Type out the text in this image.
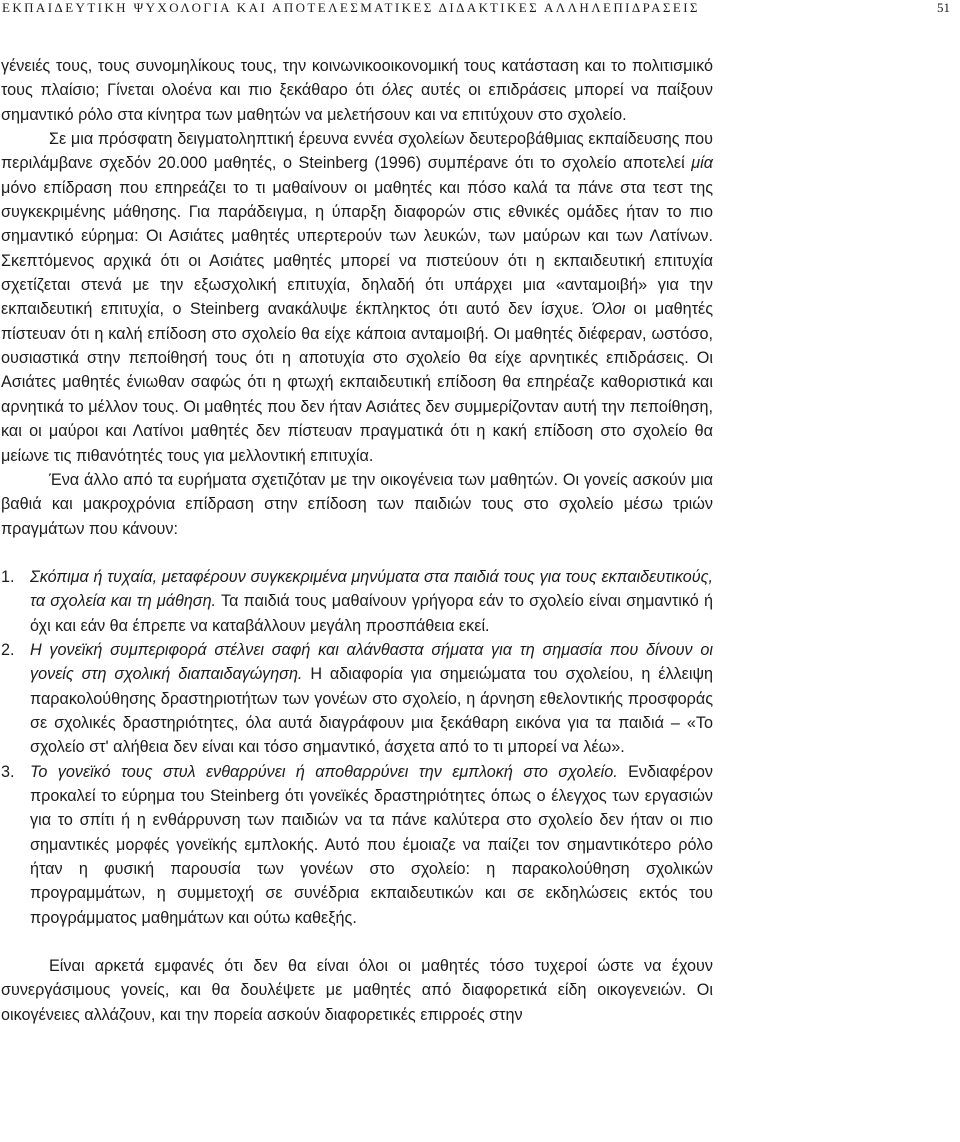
ΕΚΠΑΙΔΕΥΤΙΚΗ ΨΥΧΟΛΟΓΙΑ ΚΑΙ ΑΠΟΤΕΛΕΣΜΑΤΙΚΕΣ ΔΙΔΑΚΤΙΚΕΣ ΑΛΛΗΛΕΠΙΔΡΑΣΕΙΣ	51

γένειές τους, τους συνομηλίκους τους, την κοινωνικοοικονομική τους κατάσταση και το πολιτισμικό τους πλαίσιο; Γίνεται ολοένα και πιο ξεκάθαρο ότι όλες αυτές οι επιδράσεις μπορεί να παίξουν σημαντικό ρόλο στα κίνητρα των μαθητών να μελετήσουν και να επιτύχουν στο σχολείο.

Σε μια πρόσφατη δειγματοληπτική έρευνα εννέα σχολείων δευτεροβάθμιας εκπαίδευσης που περιλάμβανε σχεδόν 20.000 μαθητές, ο Steinberg (1996) συμπέρανε ότι το σχολείο αποτελεί μία μόνο επίδραση που επηρεάζει το τι μαθαίνουν οι μαθητές και πόσο καλά τα πάνε στα τεστ της συγκεκριμένης μάθησης. Για παράδειγμα, η ύπαρξη διαφορών στις εθνικές ομάδες ήταν το πιο σημαντικό εύρημα: Οι Ασιάτες μαθητές υπερτερούν των λευκών, των μαύρων και των Λατίνων. Σκεπτόμενος αρχικά ότι οι Ασιάτες μαθητές μπορεί να πιστεύουν ότι η εκπαιδευτική επιτυχία σχετίζεται στενά με την εξωσχολική επιτυχία, δηλαδή ότι υπάρχει μια «ανταμοιβή» για την εκπαιδευτική επιτυχία, ο Steinberg ανακάλυψε έκπληκτος ότι αυτό δεν ίσχυε. Όλοι οι μαθητές πίστευαν ότι η καλή επίδοση στο σχολείο θα είχε κάποια ανταμοιβή. Οι μαθητές διέφεραν, ωστόσο, ουσιαστικά στην πεποίθησή τους ότι η αποτυχία στο σχολείο θα είχε αρνητικές επιδράσεις. Οι Ασιάτες μαθητές ένιωθαν σαφώς ότι η φτωχή εκπαιδευτική επίδοση θα επηρέαζε καθοριστικά και αρνητικά το μέλλον τους. Οι μαθητές που δεν ήταν Ασιάτες δεν συμμερίζονταν αυτή την πεποίθηση, και οι μαύροι και Λατίνοι μαθητές δεν πίστευαν πραγματικά ότι η κακή επίδοση στο σχολείο θα μείωνε τις πιθανότητές τους για μελλοντική επιτυχία.

Ένα άλλο από τα ευρήματα σχετιζόταν με την οικογένεια των μαθητών. Οι γονείς ασκούν μια βαθιά και μακροχρόνια επίδραση στην επίδοση των παιδιών τους στο σχολείο μέσω τριών πραγμάτων που κάνουν:

1. Σκόπιμα ή τυχαία, μεταφέρουν συγκεκριμένα μηνύματα στα παιδιά τους για τους εκπαιδευτικούς, τα σχολεία και τη μάθηση. Τα παιδιά τους μαθαίνουν γρήγορα εάν το σχολείο είναι σημαντικό ή όχι και εάν θα έπρεπε να καταβάλλουν μεγάλη προσπάθεια εκεί.

2. Η γονεϊκή συμπεριφορά στέλνει σαφή και αλάνθαστα σήματα για τη σημασία που δίνουν οι γονείς στη σχολική διαπαιδαγώγηση. Η αδιαφορία για σημειώματα του σχολείου, η έλλειψη παρακολούθησης δραστηριοτήτων των γονέων στο σχολείο, η άρνηση εθελοντικής προσφοράς σε σχολικές δραστηριότητες, όλα αυτά διαγράφουν μια ξεκάθαρη εικόνα για τα παιδιά – «Το σχολείο στ' αλήθεια δεν είναι και τόσο σημαντικό, άσχετα από το τι μπορεί να λέω».

3. Το γονεϊκό τους στυλ ενθαρρύνει ή αποθαρρύνει την εμπλοκή στο σχολείο. Ενδιαφέρον προκαλεί το εύρημα του Steinberg ότι γονεϊκές δραστηριότητες όπως ο έλεγχος των εργασιών για το σπίτι ή η ενθάρρυνση των παιδιών να τα πάνε καλύτερα στο σχολείο δεν ήταν οι πιο σημαντικές μορφές γονεϊκής εμπλοκής. Αυτό που έμοιαζε να παίζει τον σημαντικότερο ρόλο ήταν η φυσική παρουσία των γονέων στο σχολείο: η παρακολούθηση σχολικών προγραμμάτων, η συμμετοχή σε συνέδρια εκπαιδευτικών και σε εκδηλώσεις εκτός του προγράμματος μαθημάτων και ούτω καθεξής.

Είναι αρκετά εμφανές ότι δεν θα είναι όλοι οι μαθητές τόσο τυχεροί ώστε να έχουν συνεργάσιμους γονείς, και θα δουλέψετε με μαθητές από διαφορετικά είδη οικογενειών. Οι οικογένειες αλλάζουν, και την πορεία ασκούν διαφορετικές επιρροές στην
